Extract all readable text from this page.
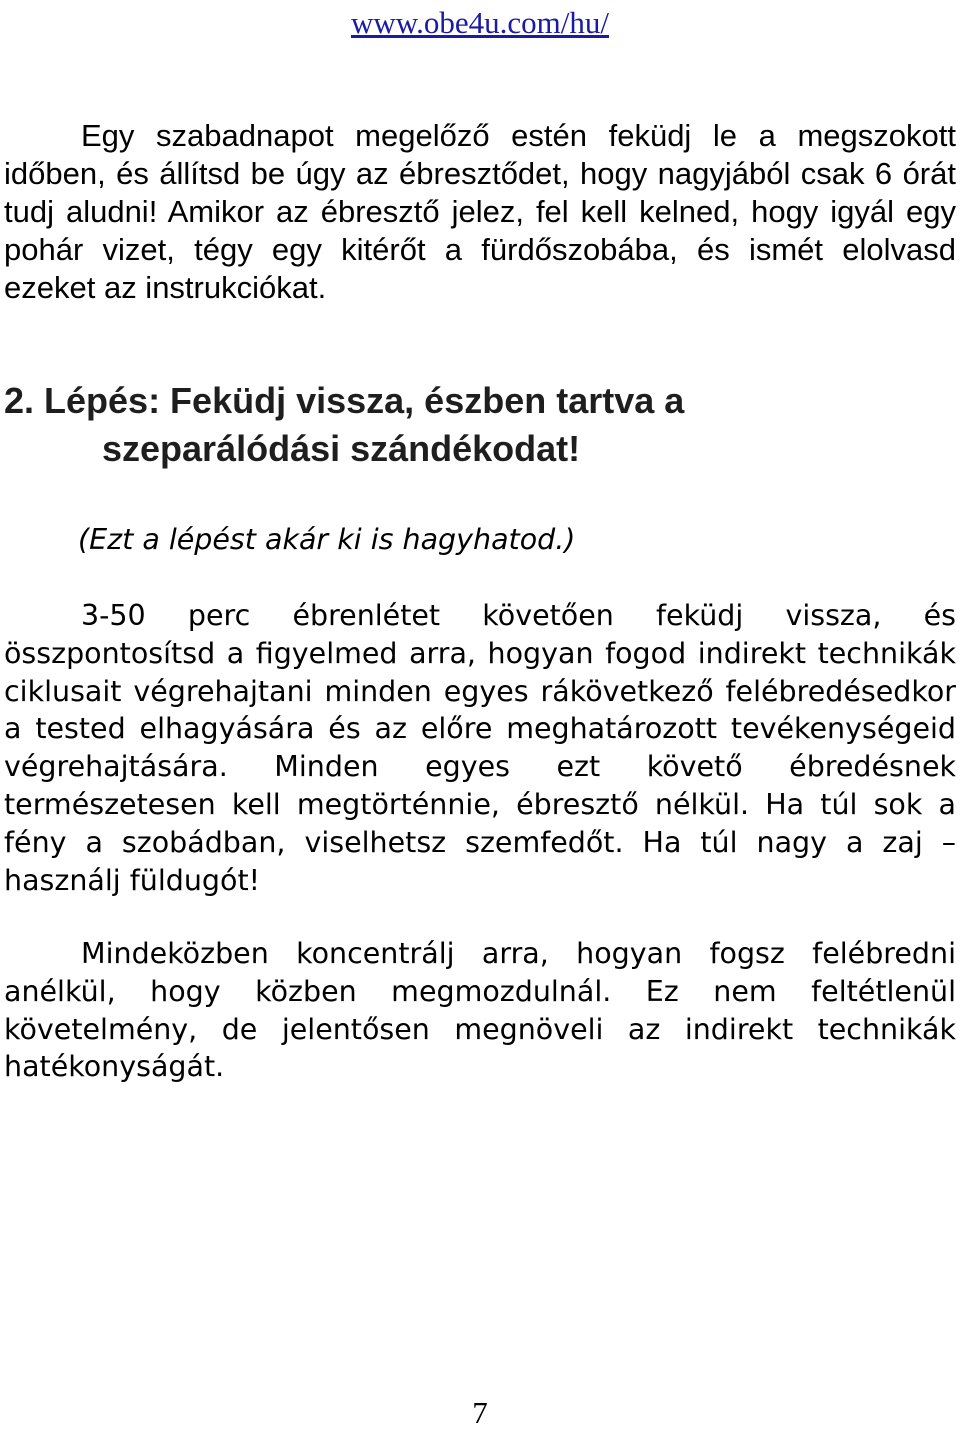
www.obe4u.com/hu/

Egy szabadnapot megelőző estén feküdj le a megszokott időben, és állítsd be úgy az ébresztődet, hogy nagyjából csak 6 órát tudj aludni! Amikor az ébresztő jelez, fel kell kelned, hogy igyál egy pohár vizet, tégy egy kitérőt a fürdőszobába, és ismét elolvasd ezeket az instrukciókat.

2. Lépés: Feküdj vissza, észben tartva a
szeparálódási szándékodat!

(Ezt a lépést akár ki is hagyhatod.)

3-50 perc ébrenlétet követően feküdj vissza, és összpontosítsd a figyelmed arra, hogyan fogod indirekt technikák ciklusait végrehajtani minden egyes rákövetkező felébredésedkor a tested elhagyására és az előre meghatározott tevékenységeid végrehajtására. Minden egyes ezt követő ébredésnek természetesen kell megtörténnie, ébresztő nélkül. Ha túl sok a fény a szobádban, viselhetsz szemfedőt. Ha túl nagy a zaj – használj füldugót!

Mindeközben koncentrálj arra, hogyan fogsz felébredni anélkül, hogy közben megmozdulnál. Ez nem feltétlenül követelmény, de jelentősen megnöveli az indirekt technikák hatékonyságát.

7
